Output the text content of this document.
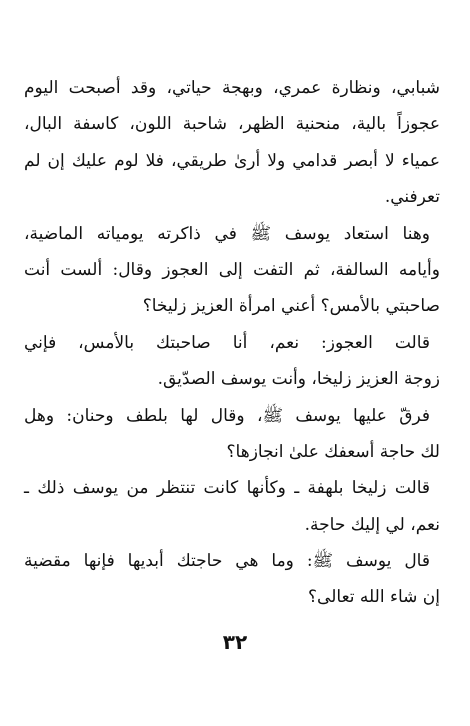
شبابي، ونظارة عمري، وبهجة حياتي، وقد أصبحت اليوم
عجوزاً بالية، منحنية الظهر، شاحبة اللون، كاسفة البال،
عمياء لا أبصر قدامي ولا أرىٰ طريقي، فلا لوم عليك إن لم
تعرفني.
وهنا استعاد يوسف ﷺ في ذاكرته يومياته الماضية،
وأيامه السالفة، ثم التفت إلى العجوز وقال: ألست أنت
صاحبتي بالأمس؟ أعني امرأة العزيز زليخا؟
قالت العجوز: نعم، أنا صاحبتك بالأمس، فإني
زوجة العزيز زليخا، وأنت يوسف الصدّيق.
فرقّ عليها يوسف ﷺ، وقال لها بلطف وحنان: وهل
لك حاجة أسعفك علىٰ انجازها؟
قالت زليخا بلهفة ـ وكأنها كانت تنتظر من يوسف ذلك ـ
نعم، لي إليك حاجة.
قال يوسف ﷺ: وما هي حاجتك أبديها فإنها مقضية
إن شاء الله تعالى؟
٣٢
